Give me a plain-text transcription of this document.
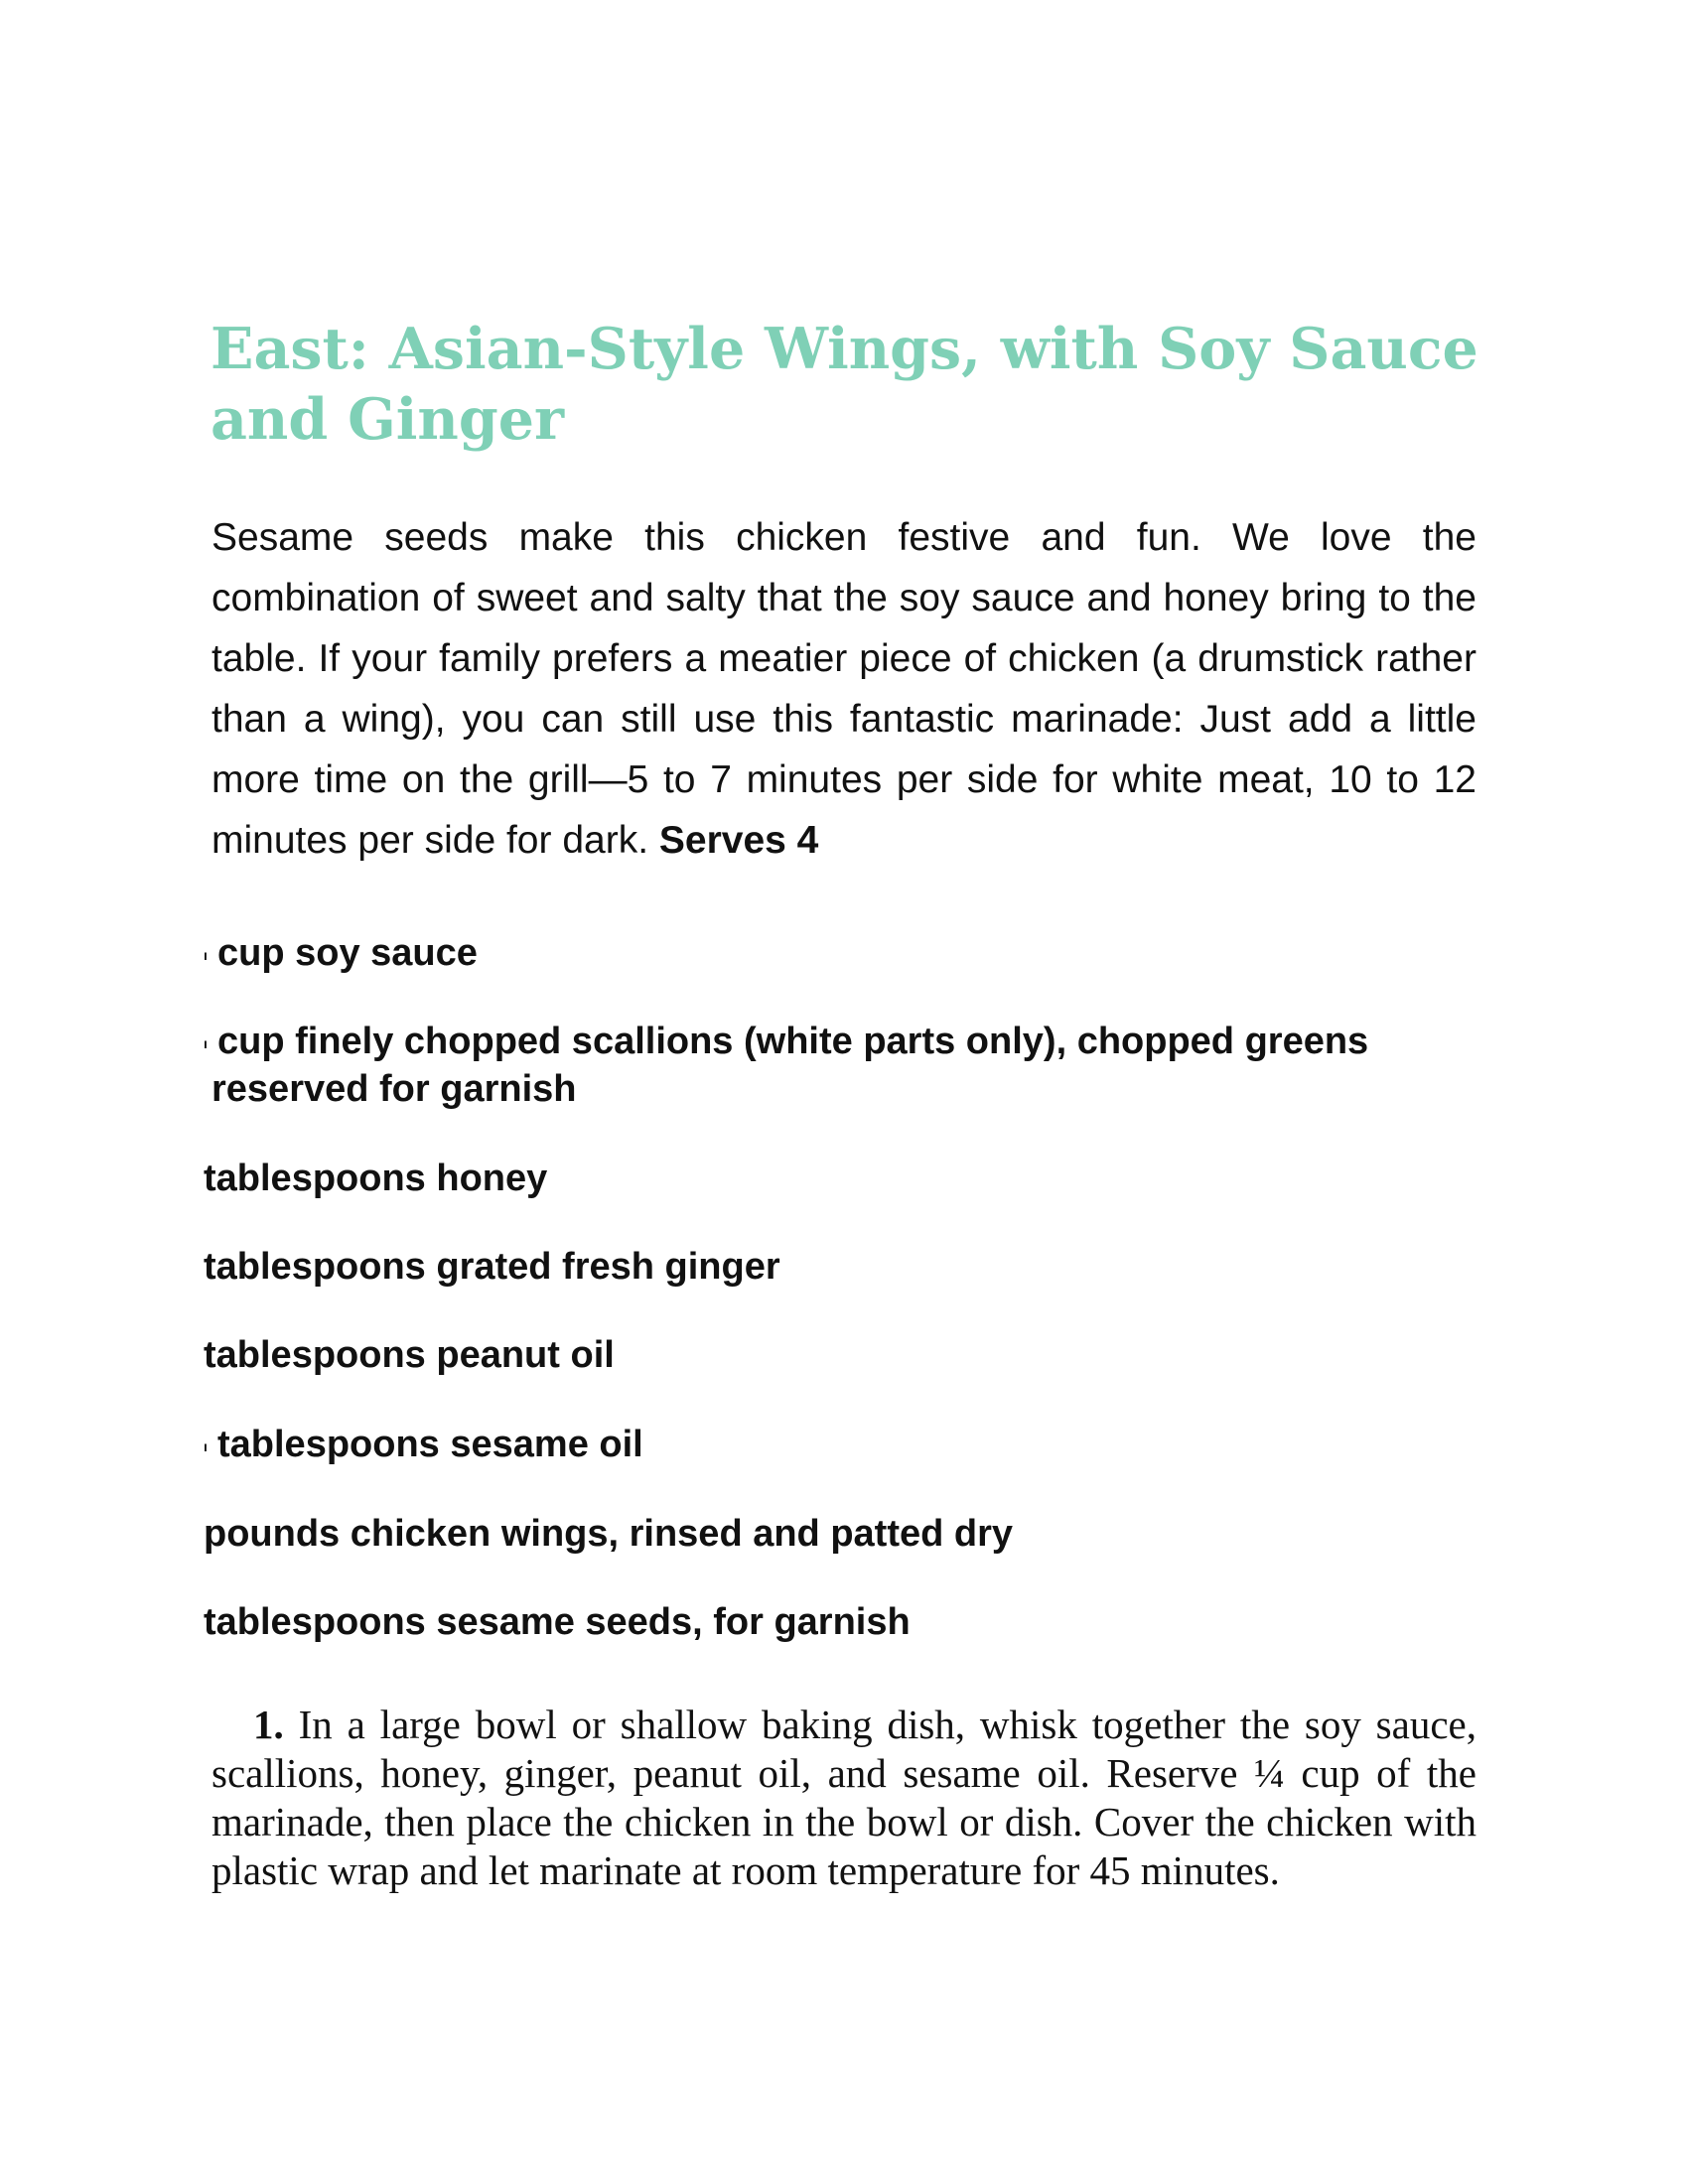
East: Asian-Style Wings, with Soy Sauce and Ginger

Sesame seeds make this chicken festive and fun. We love the combination of sweet and salty that the soy sauce and honey bring to the table. If your family prefers a meatier piece of chicken (a drumstick rather than a wing), you can still use this fantastic marinade: Just add a little more time on the grill—5 to 7 minutes per side for white meat, 10 to 12 minutes per side for dark. Serves 4

ı cup soy sauce
ı cup finely chopped scallions (white parts only), chopped greens
reserved for garnish
tablespoons honey
tablespoons grated fresh ginger
tablespoons peanut oil
ı tablespoons sesame oil
pounds chicken wings, rinsed and patted dry
tablespoons sesame seeds, for garnish

1. In a large bowl or shallow baking dish, whisk together the soy sauce, scallions, honey, ginger, peanut oil, and sesame oil. Reserve ¼ cup of the marinade, then place the chicken in the bowl or dish. Cover the chicken with plastic wrap and let marinate at room temperature for 45 minutes.
